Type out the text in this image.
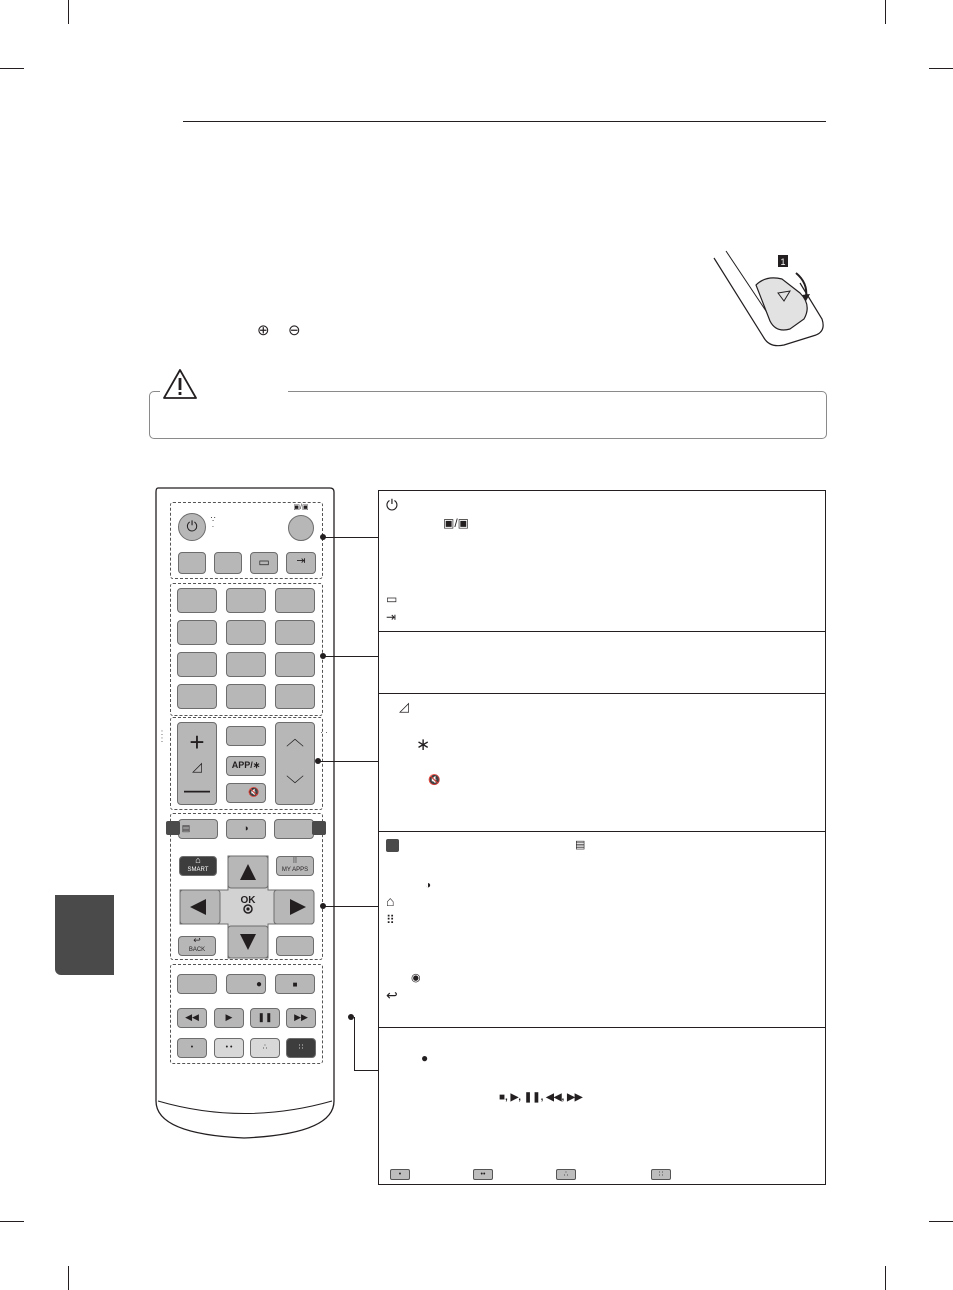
1
⊕ ⊖
⏻
▣/▣
▭	⇥
+
◿
—
APP/∗
🔇
︿
﹀
▤	◑
⌂
SMART
⠿
MY APPS
OK
↩
BACK
●	■
◀◀	▶	❚❚	▶▶
•	• •	∴	∷
∵
·
:
:
· ·
⏻
▣/▣
▭
⇥
◿
∗
🔇
▤
◑
⌂
⠿
◉
↩
●
■, ▶, ❚❚, ◀◀, ▶▶
•	••	∴	∷
